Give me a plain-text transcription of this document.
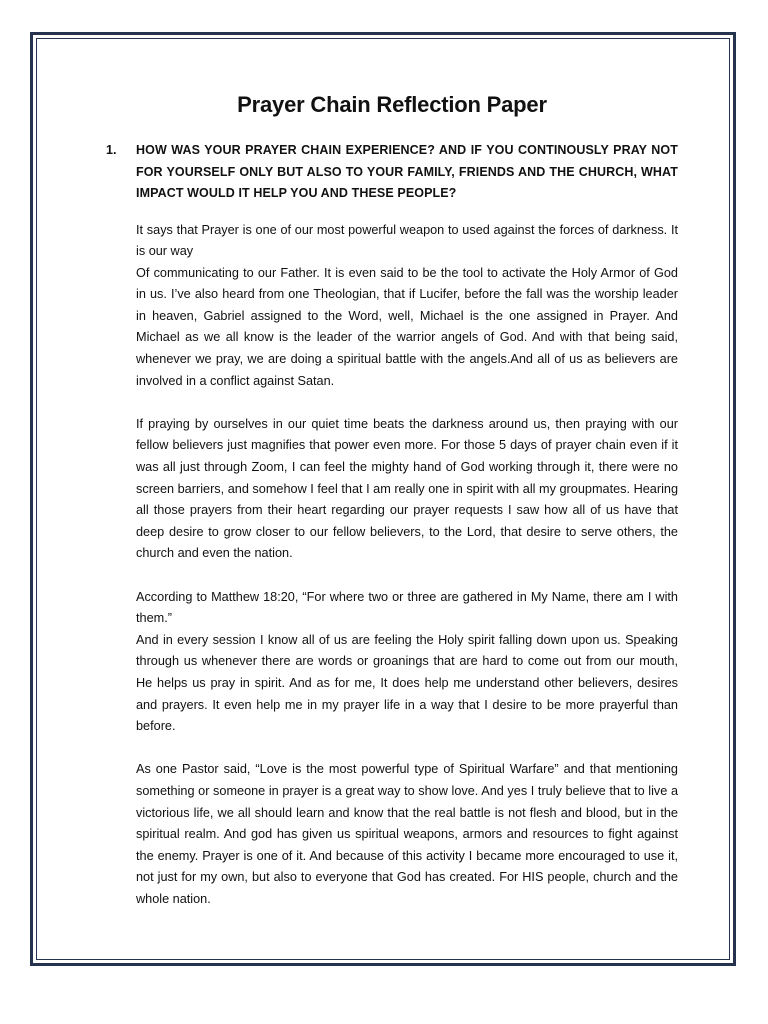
Prayer Chain Reflection Paper
1.	HOW WAS YOUR PRAYER CHAIN EXPERIENCE? AND IF YOU CONTINOUSLY PRAY NOT FOR YOURSELF ONLY BUT ALSO TO YOUR FAMILY, FRIENDS AND THE CHURCH, WHAT IMPACT WOULD IT HELP YOU AND THESE PEOPLE?

It says that Prayer is one of our most powerful weapon to used against the forces of darkness. It is our way

Of communicating to our Father. It is even said to be the tool to activate the Holy Armor of God in us. I’ve also heard from one Theologian, that if Lucifer, before the fall was the worship leader in heaven, Gabriel assigned to the Word, well, Michael is the one assigned in Prayer. And Michael as we all know is the leader of the warrior angels of God. And with that being said, whenever we pray, we are doing a spiritual battle with the angels.And all of us as believers are involved in a conflict against Satan.

If praying by ourselves in our quiet time beats the darkness around us, then praying with our fellow believers just magnifies that power even more. For those 5 days of prayer chain even if it was all just through Zoom, I can feel the mighty hand of God working through it, there were no screen barriers, and somehow I feel that I am really one in spirit with all my groupmates. Hearing all those prayers from their heart regarding our prayer requests I saw how all of us have that deep desire to grow closer to our fellow believers, to the Lord, that desire to serve others, the church and even the nation.

According to Matthew 18:20, “For where two or three are gathered in My Name, there am I with them.”

And in every session I know all of us are feeling the Holy spirit falling down upon us. Speaking through us whenever there are words or groanings that are hard to come out from our mouth, He helps us pray in spirit. And as for me, It does help me understand other believers, desires and prayers. It even help me in my prayer life in a way that I desire to be more prayerful than before.

As one Pastor said, “Love is the most powerful type of Spiritual Warfare” and that mentioning something or someone in prayer is a great way to show love. And yes I truly believe that to live a victorious life, we all should learn and know that the real battle is not flesh and blood, but in the spiritual realm. And god has given us spiritual weapons, armors and resources to fight against the enemy. Prayer is one of it. And because of this activity I became more encouraged to use it, not just for my own, but also to everyone that God has created. For HIS people, church and the whole nation.
